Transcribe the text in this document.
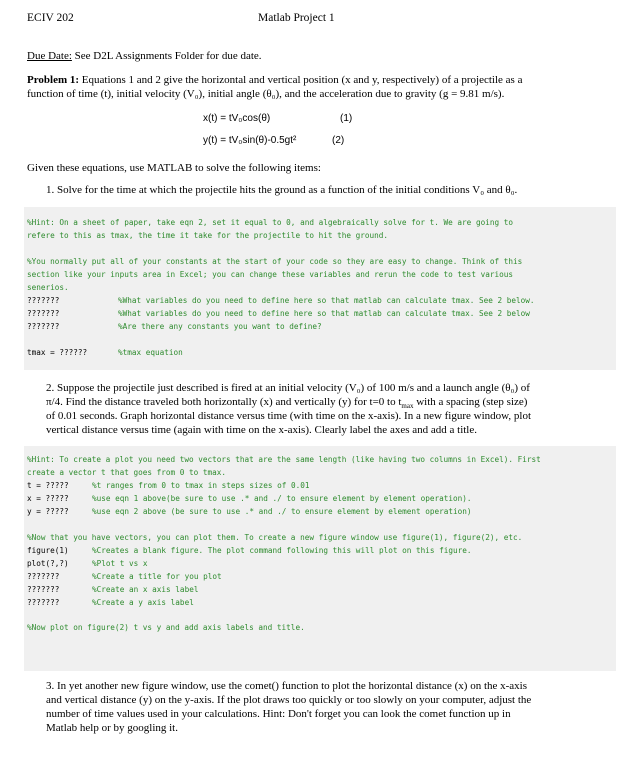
ECIV 202	Matlab Project 1
Due Date: See D2L Assignments Folder for due date.
Problem 1: Equations 1 and 2 give the horizontal and vertical position (x and y, respectively) of a projectile as a
function of time (t), initial velocity (V₀), initial angle (θ₀), and the acceleration due to gravity (g = 9.81 m/s).
x(t) = tV₀cos(θ)	(1)
y(t) = tV₀sin(θ)-0.5gt²	(2)
Given these equations, use MATLAB to solve the following items:
1. Solve for the time at which the projectile hits the ground as a function of the initial conditions V₀ and θ₀.
%Hint: On a sheet of paper, take eqn 2, set it equal to 0, and algebraically solve for t. We are going to
refere to this as tmax, the time it take for the projectile to hit the ground.
%You normally put all of your constants at the start of your code so they are easy to change. Think of this
section like your inputs area in Excel; you can change these variables and rerun the code to test various
senerios.
???????	%What variables do you need to define here so that matlab can calculate tmax. See 2 below.
???????	%What variables do you need to define here so that matlab can calculate tmax. See 2 below
???????	%Are there any constants you want to define?
tmax = ??????	%tmax equation
2. Suppose the projectile just described is fired at an initial velocity (V₀) of 100 m/s and a launch angle (θ₀) of
π/4. Find the distance traveled both horizontally (x) and vertically (y) for t=0 to $t_{max}$ with a spacing (step size)
of 0.01 seconds. Graph horizontal distance versus time (with time on the x-axis). In a new figure window, plot
vertical distance versus time (again with time on the x-axis). Clearly label the axes and add a title.
%Hint: To create a plot you need two vectors that are the same length (like having two columns in Excel). First
create a vector t that goes from 0 to tmax.
t = ?????	%t ranges from 0 to tmax in steps sizes of 0.01
x = ?????	%use eqn 1 above(be sure to use .* and ./ to ensure element by element operation).
y = ?????	%use eqn 2 above (be sure to use .* and ./ to ensure element by element operation)
%Now that you have vectors, you can plot them. To create a new figure window use figure(1), figure(2), etc.
figure(1)	%Creates a blank figure. The plot command following this will plot on this figure.
plot(?,?)	%Plot t vs x
???????	%Create a title for you plot
???????	%Create an x axis label
???????	%Create a y axis label
%Now plot on figure(2) t vs y and add axis labels and title.
3. In yet another new figure window, use the comet() function to plot the horizontal distance (x) on the x-axis
and vertical distance (y) on the y-axis. If the plot draws too quickly or too slowly on your computer, adjust the
number of time values used in your calculations. Hint: Don't forget you can look the comet function up in
Matlab help or by googling it.
